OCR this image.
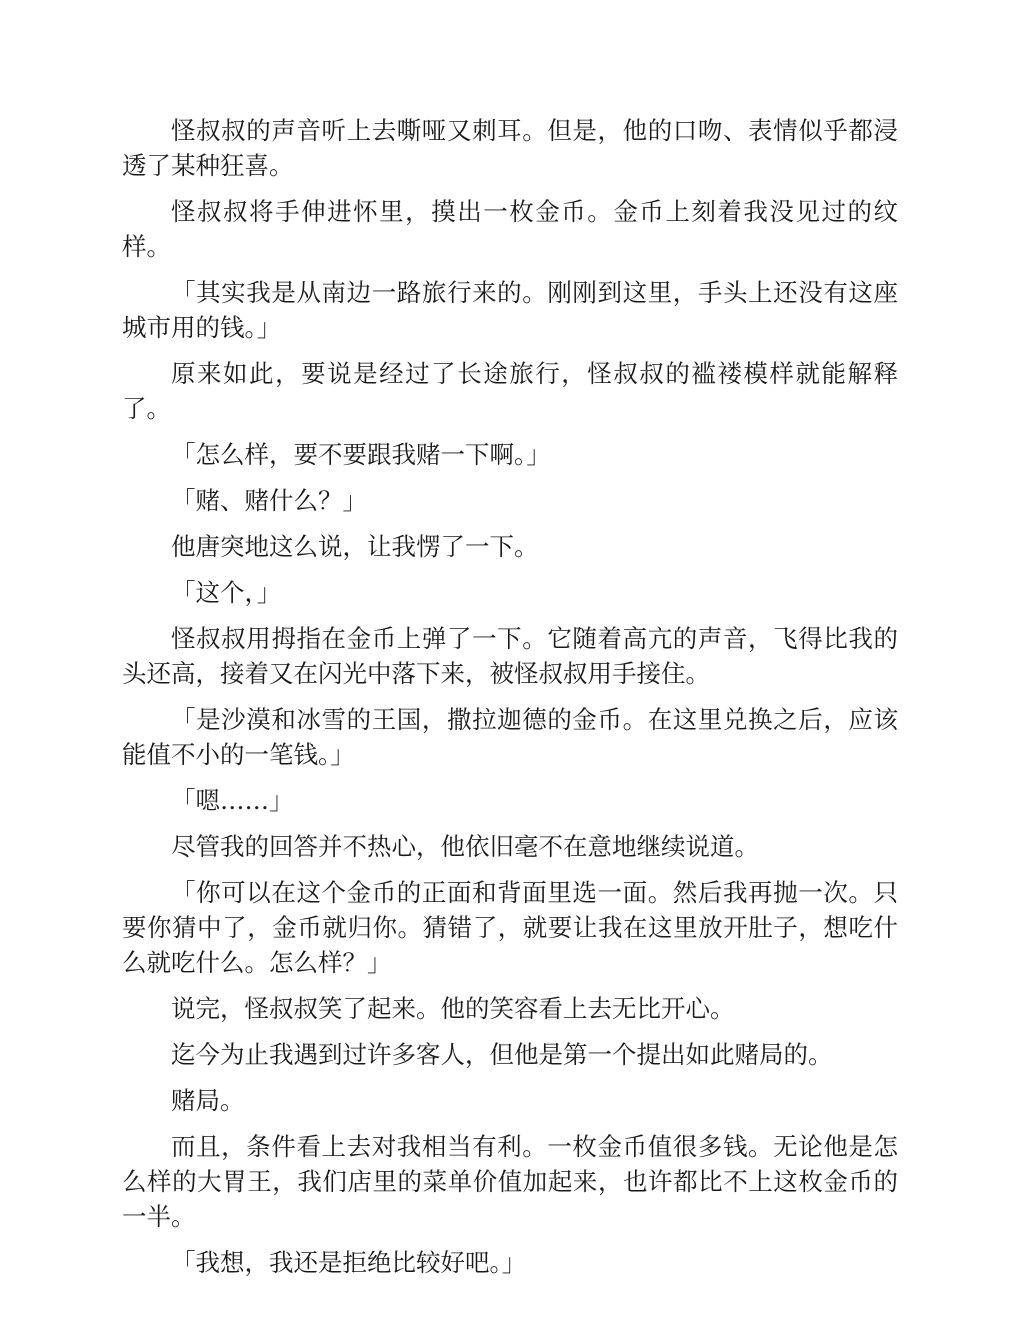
怪叔叔的声音听上去嘶哑又刺耳。但是，他的口吻、表情似乎都浸透了某种狂喜。

怪叔叔将手伸进怀里，摸出一枚金币。金币上刻着我没见过的纹样。

「其实我是从南边一路旅行来的。刚刚到这里，手头上还没有这座城市用的钱。」

原来如此，要说是经过了长途旅行，怪叔叔的褴褛模样就能解释了。

「怎么样，要不要跟我赌一下啊。」

「赌、赌什么？」

他唐突地这么说，让我愣了一下。

「这个，」

怪叔叔用拇指在金币上弹了一下。它随着高亢的声音，飞得比我的头还高，接着又在闪光中落下来，被怪叔叔用手接住。

「是沙漠和冰雪的王国，撒拉迦德的金币。在这里兑换之后，应该能值不小的一笔钱。」

「嗯……」

尽管我的回答并不热心，他依旧毫不在意地继续说道。

「你可以在这个金币的正面和背面里选一面。然后我再抛一次。只要你猜中了，金币就归你。猜错了，就要让我在这里放开肚子，想吃什么就吃什么。怎么样？」

说完，怪叔叔笑了起来。他的笑容看上去无比开心。

迄今为止我遇到过许多客人，但他是第一个提出如此赌局的。

赌局。

而且，条件看上去对我相当有利。一枚金币值很多钱。无论他是怎么样的大胃王，我们店里的菜单价值加起来，也许都比不上这枚金币的一半。

「我想，我还是拒绝比较好吧。」
